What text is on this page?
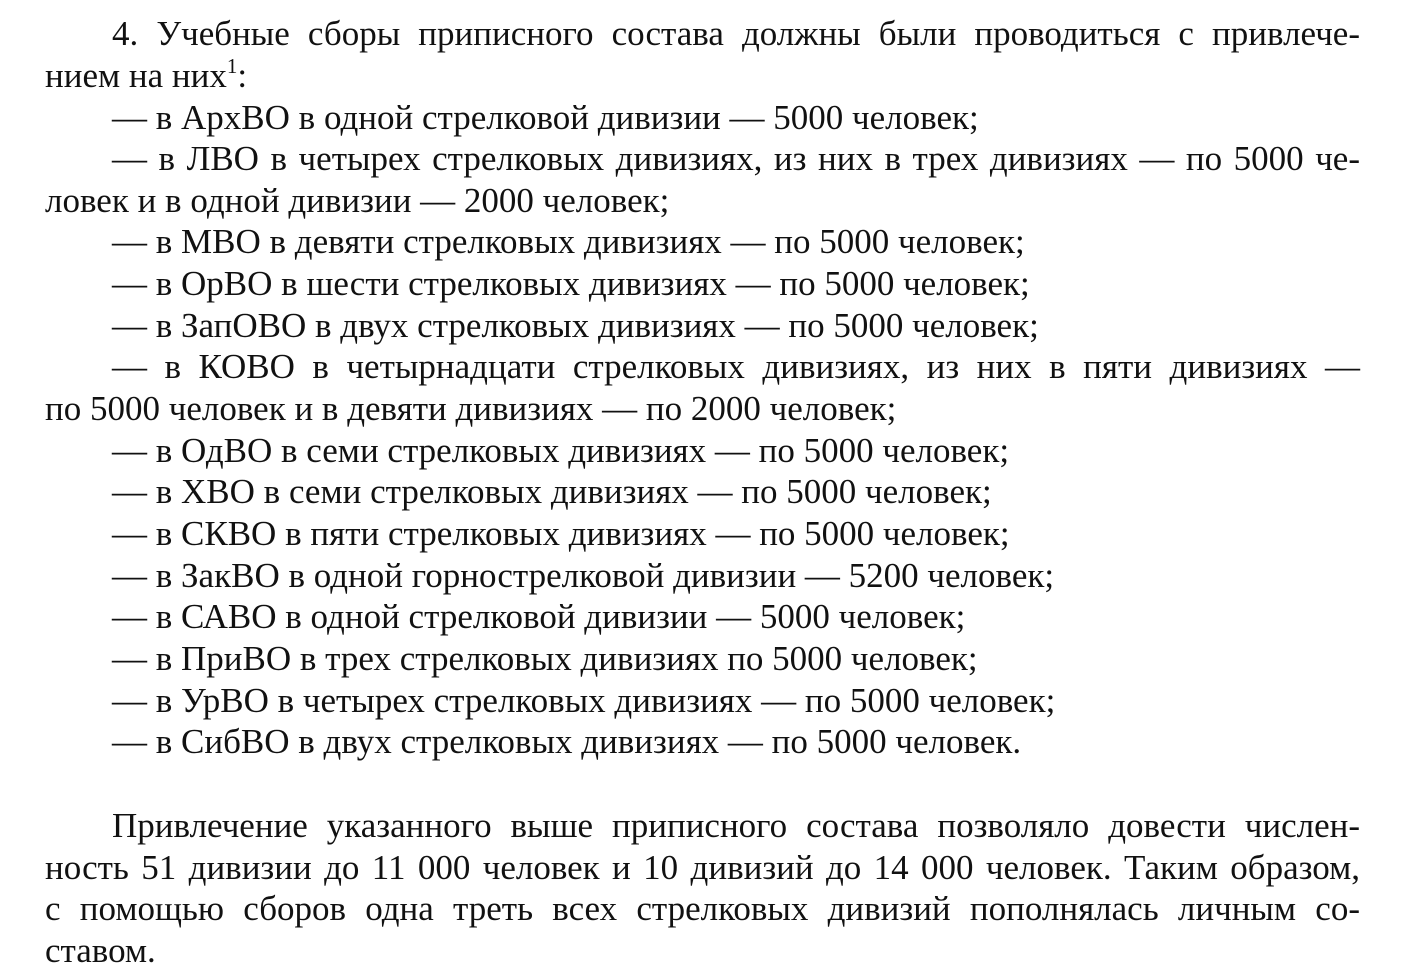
4. Учебные сборы приписного состава должны были проводиться с привлече-
нием на них$^1$:
— в АрхВО в одной стрелковой дивизии — 5000 человек;
— в ЛВО в четырех стрелковых дивизиях, из них в трех дивизиях — по 5000 че-
ловек и в одной дивизии — 2000 человек;
— в МВО в девяти стрелковых дивизиях — по 5000 человек;
— в ОрВО в шести стрелковых дивизиях — по 5000 человек;
— в ЗапОВО в двух стрелковых дивизиях — по 5000 человек;
— в КОВО в четырнадцати стрелковых дивизиях, из них в пяти дивизиях —
по 5000 человек и в девяти дивизиях — по 2000 человек;
— в ОдВО в семи стрелковых дивизиях — по 5000 человек;
— в ХВО в семи стрелковых дивизиях — по 5000 человек;
— в СКВО в пяти стрелковых дивизиях — по 5000 человек;
— в ЗакВО в одной горнострелковой дивизии — 5200 человек;
— в САВО в одной стрелковой дивизии — 5000 человек;
— в ПриВО в трех стрелковых дивизиях по 5000 человек;
— в УрВО в четырех стрелковых дивизиях — по 5000 человек;
— в СибВО в двух стрелковых дивизиях — по 5000 человек.
Привлечение указанного выше приписного состава позволяло довести числен-
ность 51 дивизии до 11 000 человек и 10 дивизий до 14 000 человек. Таким образом,
с помощью сборов одна треть всех стрелковых дивизий пополнялась личным со-
ставом.
